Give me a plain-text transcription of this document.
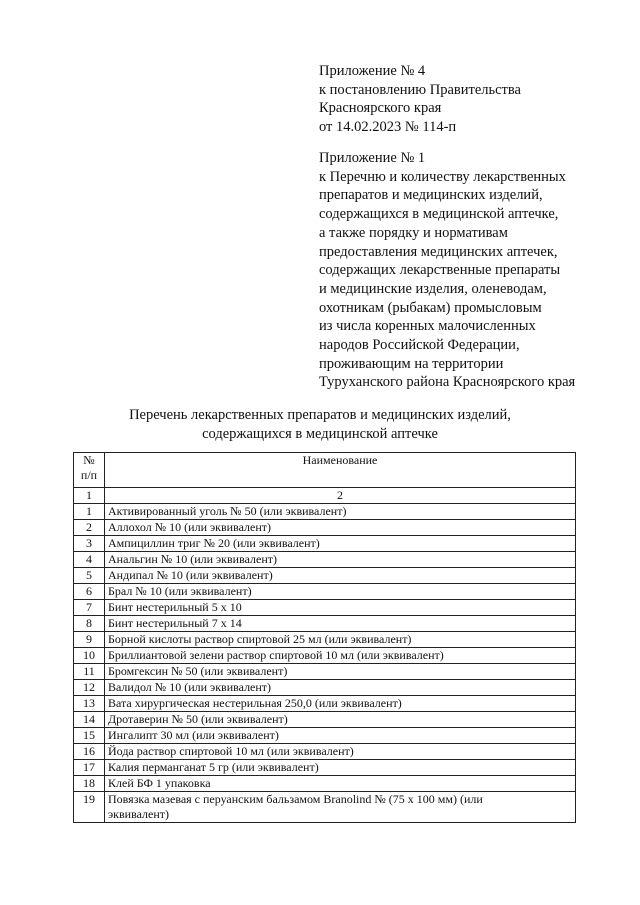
Приложение № 4
к постановлению Правительства
Красноярского края
от 14.02.2023 № 114-п
Приложение № 1
к Перечню и количеству лекарственных
препаратов и медицинских изделий,
содержащихся в медицинской аптечке,
а также порядку и нормативам
предоставления медицинских аптечек,
содержащих лекарственные препараты
и медицинские изделия, оленеводам,
охотникам (рыбакам) промысловым
из числа коренных малочисленных
народов Российской Федерации,
проживающим на территории
Туруханского района Красноярского края
Перечень лекарственных препаратов и медицинских изделий,
содержащихся в медицинской аптечке
№
п/п	Наименование
1	2
1	Активированный уголь № 50 (или эквивалент)
2	Аллохол № 10 (или эквивалент)
3	Ампициллин триг № 20 (или эквивалент)
4	Анальгин № 10 (или эквивалент)
5	Андипал № 10 (или эквивалент)
6	Брал № 10 (или эквивалент)
7	Бинт нестерильный 5 х 10
8	Бинт нестерильный 7 х 14
9	Борной кислоты раствор спиртовой 25 мл (или эквивалент)
10	Бриллиантовой зелени раствор спиртовой 10 мл (или эквивалент)
11	Бромгексин № 50 (или эквивалент)
12	Валидол № 10 (или эквивалент)
13	Вата хирургическая нестерильная 250,0 (или эквивалент)
14	Дротаверин № 50 (или эквивалент)
15	Ингалипт 30 мл (или эквивалент)
16	Йода раствор спиртовой 10 мл (или эквивалент)
17	Калия перманганат 5 гр (или эквивалент)
18	Клей БФ 1 упаковка
19	Повязка мазевая с перуанским бальзамом Branolind № (75 х 100 мм) (или
эквивалент)
